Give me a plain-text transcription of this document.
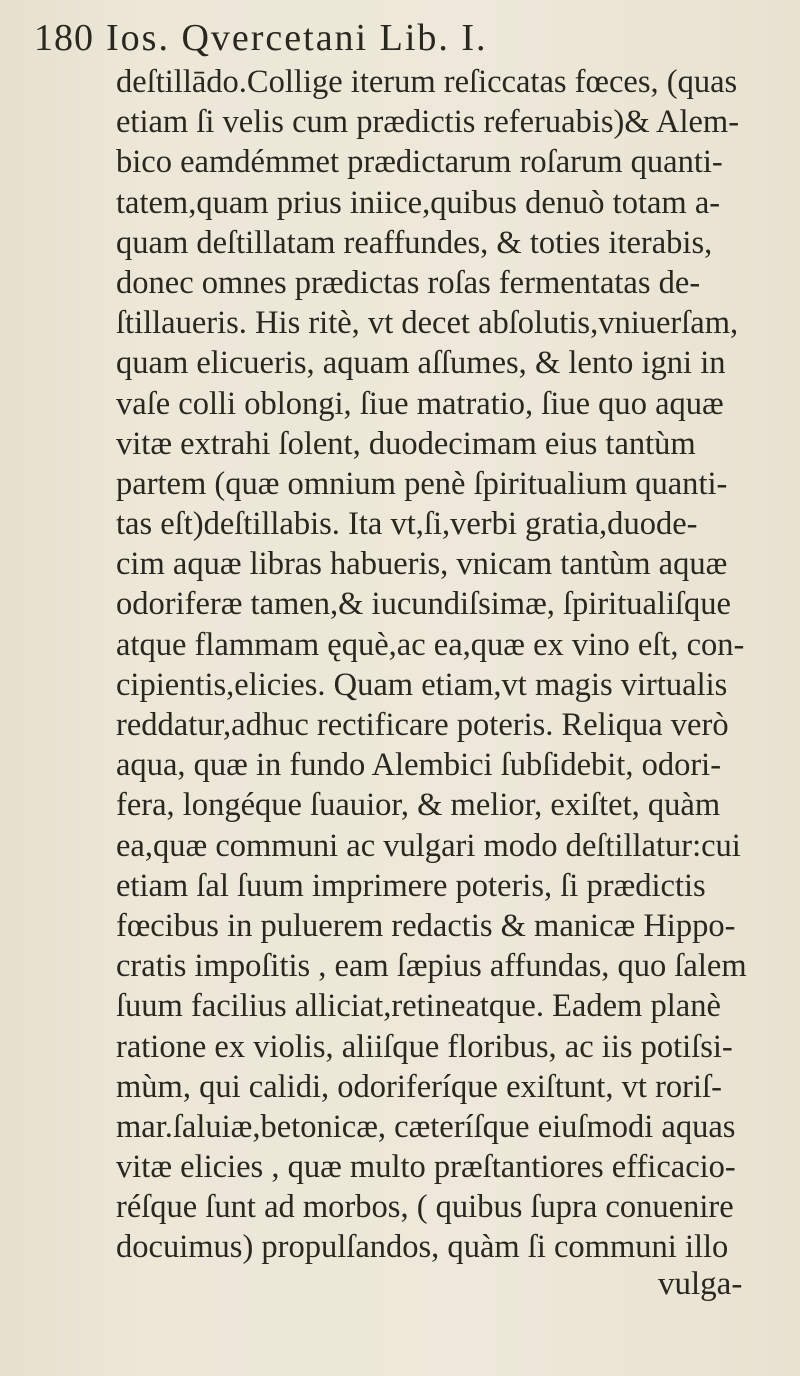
180 Ios. Qvercetani Lib. I.
deſtillādo.Collige iterum reſiccatas fœces, (quas
etiam ſi velis cum prædictis referuabis)& Alem-
bico eamdémmet prædictarum roſarum quanti-
tatem,quam prius iniice,quibus denuò totam a-
quam deſtillatam reaffundes, & toties iterabis,
donec omnes prædictas roſas fermentatas de-
ſtillaueris. His ritè, vt decet abſolutis,vniuerſam,
quam elicueris, aquam aſſumes, & lento igni in
vaſe colli oblongi, ſiue matratio, ſiue quo aquæ
vitæ extrahi ſolent, duodecimam eius tantùm
partem (quæ omnium penè ſpiritualium quanti-
tas eſt)deſtillabis. Ita vt,ſi,verbi gratia,duode-
cim aquæ libras habueris, vnicam tantùm aquæ
odoriferæ tamen,& iucundiſsimæ, ſpiritualiſque
atque flammam ęquè,ac ea,quæ ex vino eſt, con-
cipientis,elicies. Quam etiam,vt magis virtualis
reddatur,adhuc rectificare poteris. Reliqua verò
aqua, quæ in fundo Alembici ſubſidebit, odori-
fera, longéque ſuauior, & melior, exiſtet, quàm
ea,quæ communi ac vulgari modo deſtillatur:cui
etiam ſal ſuum imprimere poteris, ſi prædictis
fœcibus in puluerem redactis & manicæ Hippo-
cratis impoſitis , eam ſæpius affundas, quo ſalem
ſuum facilius alliciat,retineatque. Eadem planè
ratione ex violis, aliiſque floribus, ac iis potiſsi-
mùm, qui calidi, odoriferíque exiſtunt, vt roriſ-
mar.ſaluiæ,betonicæ, cæteríſque eiuſmodi aquas
vitæ elicies , quæ multo præſtantiores efficacio-
réſque ſunt ad morbos, ( quibus ſupra conuenire
docuimus) propulſandos, quàm ſi communi illo
vulga-
